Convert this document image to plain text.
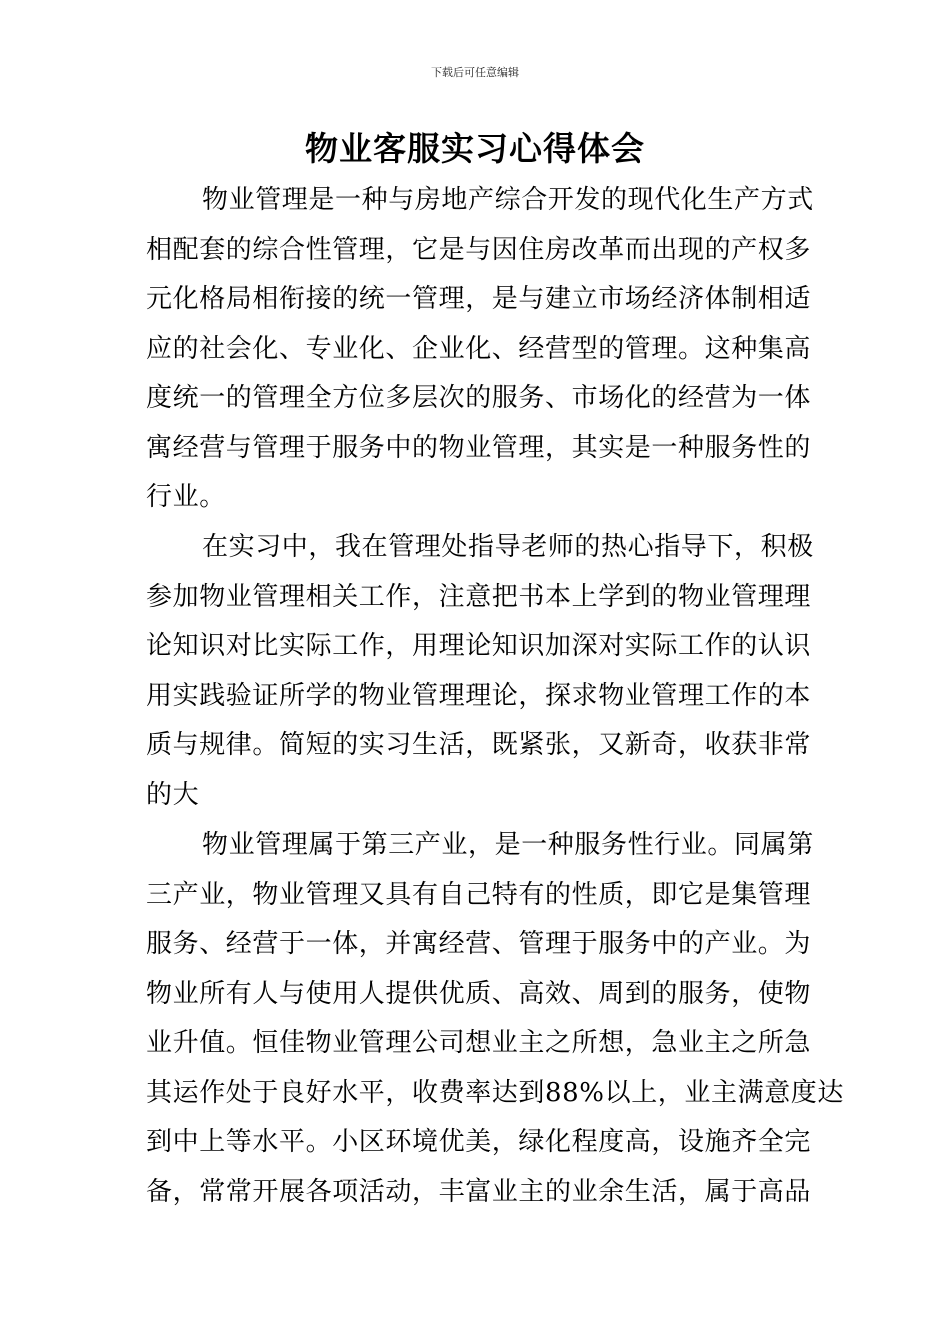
下载后可任意编辑
物业客服实习心得体会
物业管理是一种与房地产综合开发的现代化生产方式
相配套的综合性管理，它是与因住房改革而出现的产权多
元化格局相衔接的统一管理，是与建立市场经济体制相适
应的社会化、专业化、企业化、经营型的管理。这种集高
度统一的管理全方位多层次的服务、市场化的经营为一体
寓经营与管理于服务中的物业管理，其实是一种服务性的
行业。
在实习中，我在管理处指导老师的热心指导下，积极
参加物业管理相关工作，注意把书本上学到的物业管理理
论知识对比实际工作，用理论知识加深对实际工作的认识
用实践验证所学的物业管理理论，探求物业管理工作的本
质与规律。简短的实习生活，既紧张，又新奇，收获非常
的大
物业管理属于第三产业，是一种服务性行业。同属第
三产业，物业管理又具有自己特有的性质，即它是集管理
服务、经营于一体，并寓经营、管理于服务中的产业。为
物业所有人与使用人提供优质、高效、周到的服务，使物
业升值。恒佳物业管理公司想业主之所想，急业主之所急
其运作处于良好水平，收费率达到88%以上，业主满意度达
到中上等水平。小区环境优美，绿化程度高，设施齐全完
备，常常开展各项活动，丰富业主的业余生活，属于高品
